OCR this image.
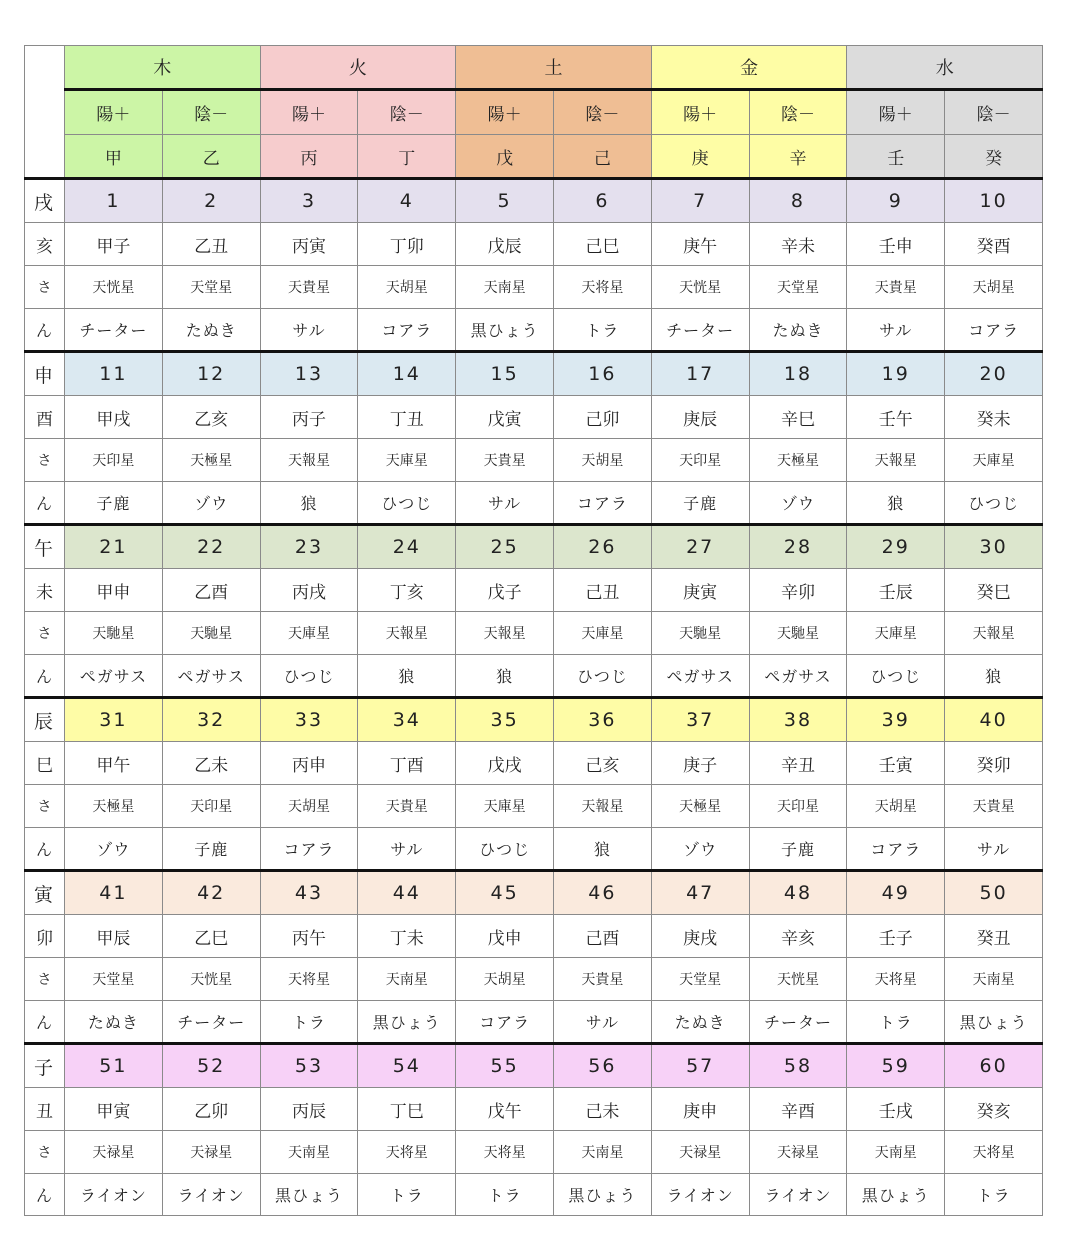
	木		火		土		金		水	
	陽＋	陰－	陽＋	陰－	陽＋	陰－	陽＋	陰－	陽＋	陰－
	甲	乙	丙	丁	戊	己	庚	辛	壬	癸
戌	1	2	3	4	5	6	7	8	9	10
亥	甲子	乙丑	丙寅	丁卯	戊辰	己巳	庚午	辛未	壬申	癸酉
さ	天恍星	天堂星	天貴星	天胡星	天南星	天将星	天恍星	天堂星	天貴星	天胡星
ん	チーター	たぬき	サル	コアラ	黒ひょう	トラ	チーター	たぬき	サル	コアラ
申	11	12	13	14	15	16	17	18	19	20
酉	甲戌	乙亥	丙子	丁丑	戊寅	己卯	庚辰	辛巳	壬午	癸未
さ	天印星	天極星	天報星	天庫星	天貴星	天胡星	天印星	天極星	天報星	天庫星
ん	子鹿	ゾウ	狼	ひつじ	サル	コアラ	子鹿	ゾウ	狼	ひつじ
午	21	22	23	24	25	26	27	28	29	30
未	甲申	乙酉	丙戌	丁亥	戊子	己丑	庚寅	辛卯	壬辰	癸巳
さ	天馳星	天馳星	天庫星	天報星	天報星	天庫星	天馳星	天馳星	天庫星	天報星
ん	ペガサス	ペガサス	ひつじ	狼	狼	ひつじ	ペガサス	ペガサス	ひつじ	狼
辰	31	32	33	34	35	36	37	38	39	40
巳	甲午	乙未	丙申	丁酉	戊戌	己亥	庚子	辛丑	壬寅	癸卯
さ	天極星	天印星	天胡星	天貴星	天庫星	天報星	天極星	天印星	天胡星	天貴星
ん	ゾウ	子鹿	コアラ	サル	ひつじ	狼	ゾウ	子鹿	コアラ	サル
寅	41	42	43	44	45	46	47	48	49	50
卯	甲辰	乙巳	丙午	丁未	戊申	己酉	庚戌	辛亥	壬子	癸丑
さ	天堂星	天恍星	天将星	天南星	天胡星	天貴星	天堂星	天恍星	天将星	天南星
ん	たぬき	チーター	トラ	黒ひょう	コアラ	サル	たぬき	チーター	トラ	黒ひょう
子	51	52	53	54	55	56	57	58	59	60
丑	甲寅	乙卯	丙辰	丁巳	戊午	己未	庚申	辛酉	壬戌	癸亥
さ	天禄星	天禄星	天南星	天将星	天将星	天南星	天禄星	天禄星	天南星	天将星
ん	ライオン	ライオン	黒ひょう	トラ	トラ	黒ひょう	ライオン	ライオン	黒ひょう	トラ
